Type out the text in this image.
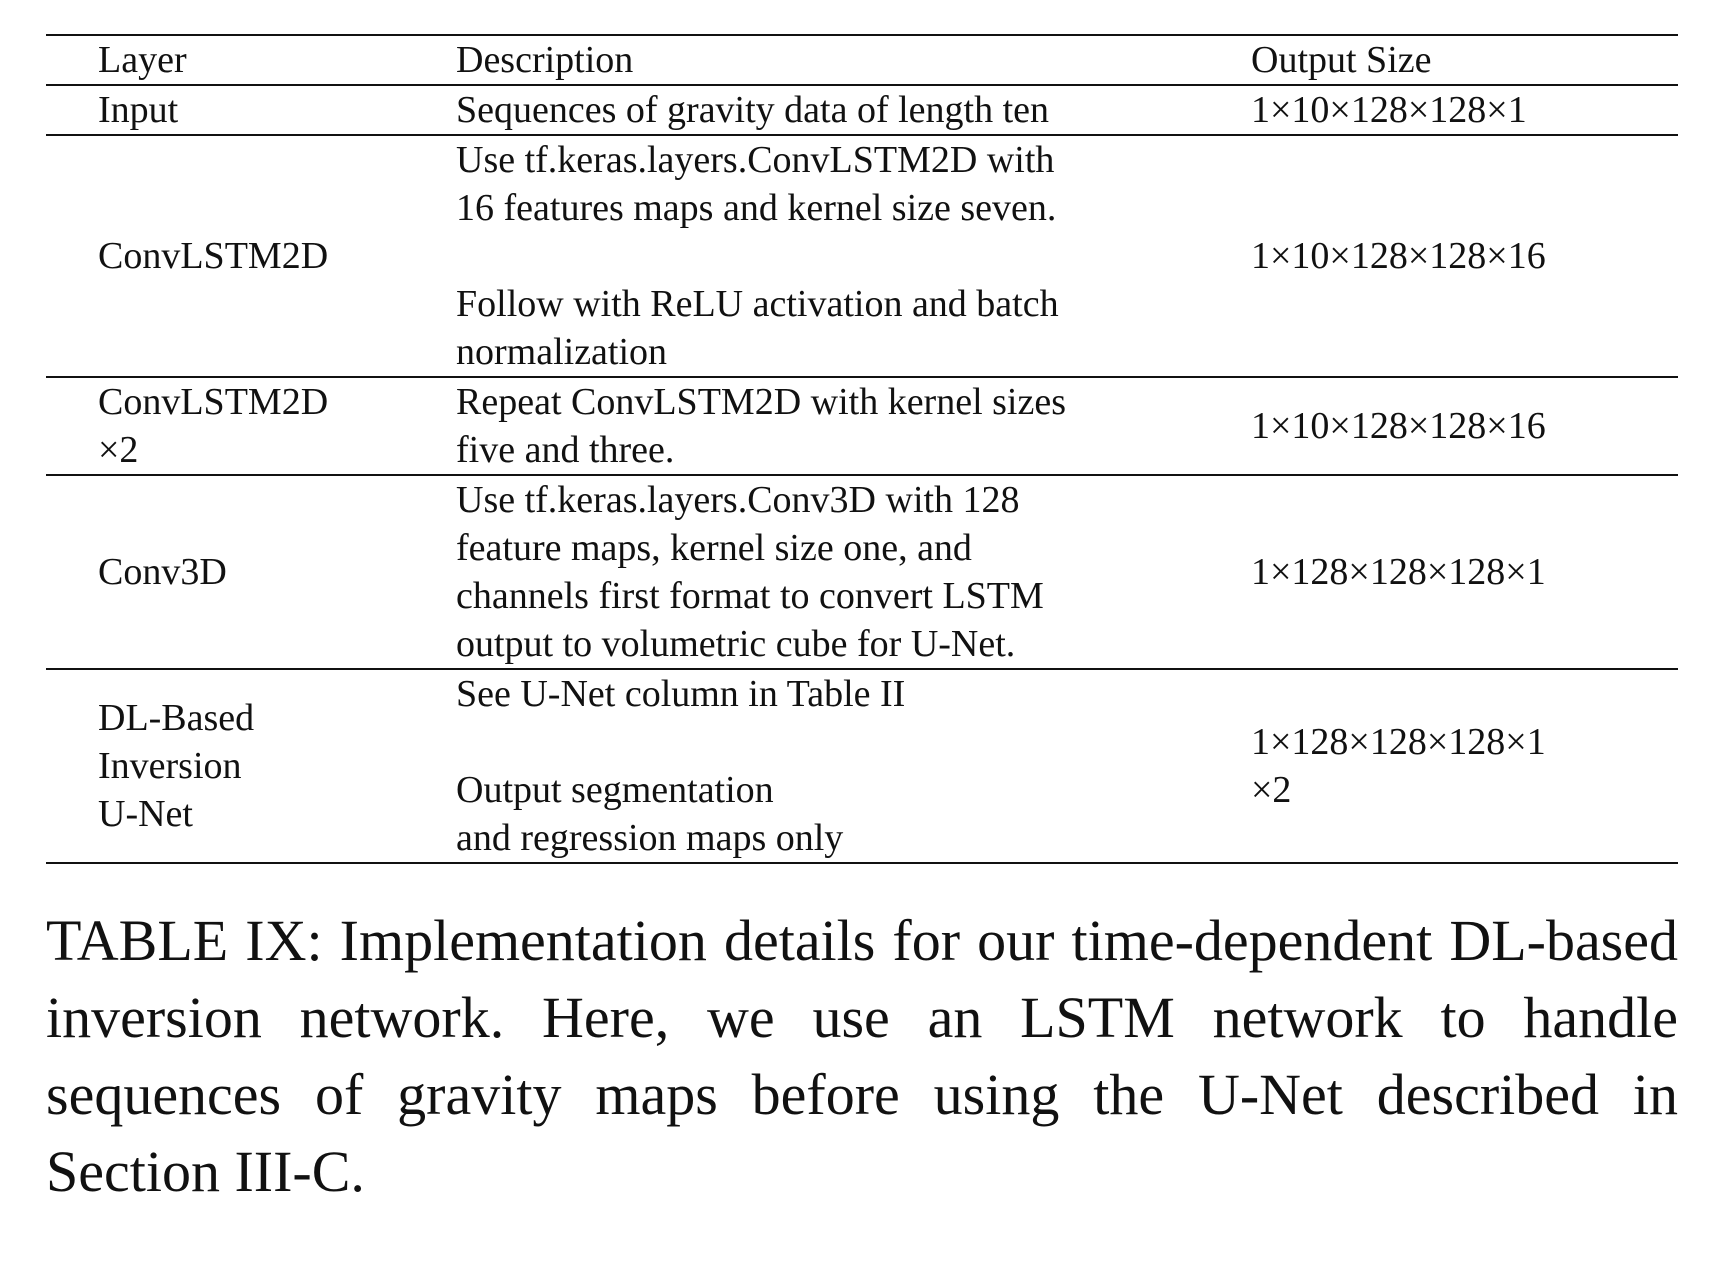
Layer	Description	Output Size

Input	Sequences of gravity data of length ten	1×10×128×128×1

ConvLSTM2D	Use tf.keras.layers.ConvLSTM2D with
16 features maps and kernel size seven.
Follow with ReLU activation and batch
normalization	1×10×128×128×16

ConvLSTM2D
×2	Repeat ConvLSTM2D with kernel sizes
five and three.	1×10×128×128×16

Conv3D	Use tf.keras.layers.Conv3D with 128
feature maps, kernel size one, and
channels first format to convert LSTM
output to volumetric cube for U-Net.	1×128×128×128×1

DL-Based
Inversion
U-Net	See U-Net column in Table II
Output segmentation
and regression maps only	1×128×128×128×1
×2

TABLE IX: Implementation details for our time-dependent DL-based inversion network. Here, we use an LSTM network to handle sequences of gravity maps before using the U-Net described in Section III-C.
